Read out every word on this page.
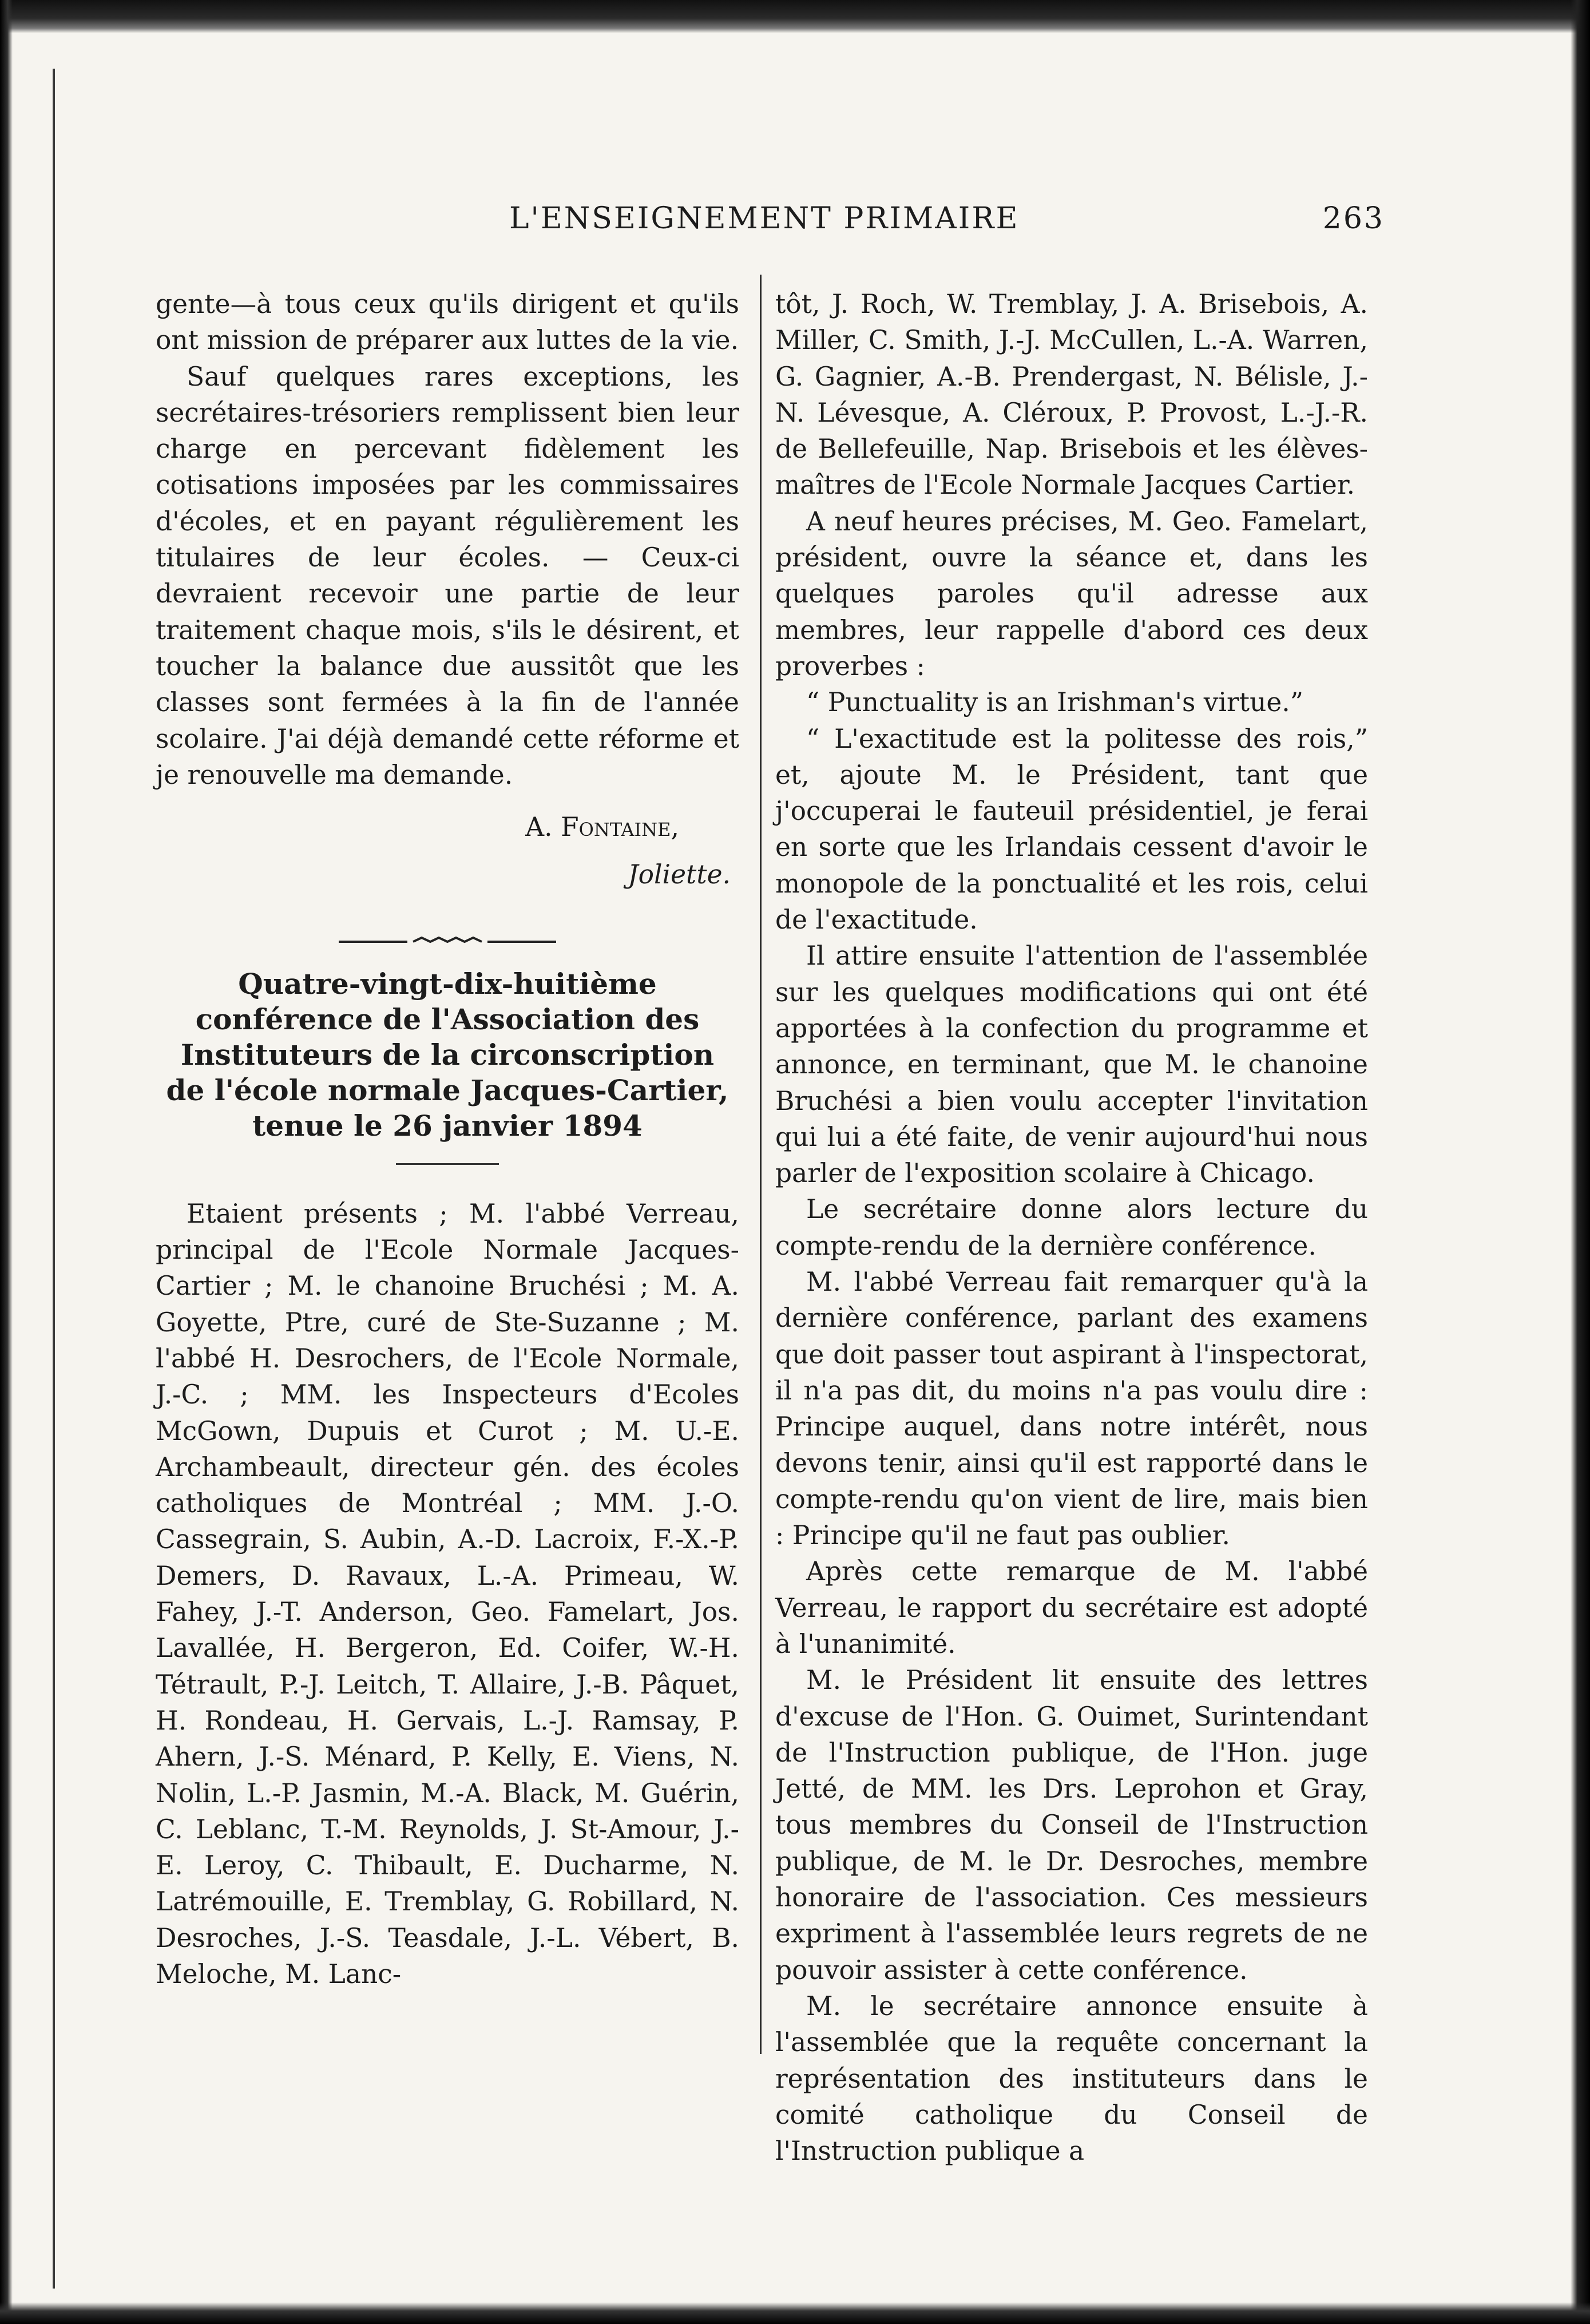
L'ENSEIGNEMENT PRIMAIRE	263

gente—à tous ceux qu'ils dirigent et qu'ils ont mission de préparer aux luttes de la vie.

Sauf quelques rares exceptions, les secrétaires-trésoriers remplissent bien leur charge en percevant fidèlement les cotisations imposées par les commissaires d'écoles, et en payant régulièrement les titulaires de leur écoles. — Ceux-ci devraient recevoir une partie de leur traitement chaque mois, s'ils le désirent, et toucher la balance due aussitôt que les classes sont fermées à la fin de l'année scolaire. J'ai déjà demandé cette réforme et je renouvelle ma demande.

A. Fontaine,

Joliette.

Quatre-vingt-dix-huitième conférence de l'Association des Instituteurs de la circonscription de l'école normale Jacques-Cartier, tenue le 26 janvier 1894

Etaient présents ; M. l'abbé Verreau, principal de l'Ecole Normale Jacques-Cartier ; M. le chanoine Bruchési ; M. A. Goyette, Ptre, curé de Ste-Suzanne ; M. l'abbé H. Desrochers, de l'Ecole Normale, J.-C. ; MM. les Inspecteurs d'Ecoles McGown, Dupuis et Curot ; M. U.-E. Archambeault, directeur gén. des écoles catholiques de Montréal ; MM. J.-O. Cassegrain, S. Aubin, A.-D. Lacroix, F.-X.-P. Demers, D. Ravaux, L.-A. Primeau, W. Fahey, J.-T. Anderson, Geo. Famelart, Jos. Lavallée, H. Bergeron, Ed. Coifer, W.-H. Tétrault, P.-J. Leitch, T. Allaire, J.-B. Pâquet, H. Rondeau, H. Gervais, L.-J. Ramsay, P. Ahern, J.-S. Ménard, P. Kelly, E. Viens, N. Nolin, L.-P. Jasmin, M.-A. Black, M. Guérin, C. Leblanc, T.-M. Reynolds, J. St-Amour, J.-E. Leroy, C. Thibault, E. Ducharme, N. Latrémouille, E. Tremblay, G. Robillard, N. Desroches, J.-S. Teasdale, J.-L. Vébert, B. Meloche, M. Lanc-

tôt, J. Roch, W. Tremblay, J. A. Brisebois, A. Miller, C. Smith, J.-J. McCullen, L.-A. Warren, G. Gagnier, A.-B. Prendergast, N. Bélisle, J.-N. Lévesque, A. Cléroux, P. Provost, L.-J.-R. de Bellefeuille, Nap. Brisebois et les élèves-maîtres de l'Ecole Normale Jacques Cartier.

A neuf heures précises, M. Geo. Famelart, président, ouvre la séance et, dans les quelques paroles qu'il adresse aux membres, leur rappelle d'abord ces deux proverbes :

“ Punctuality is an Irishman's virtue.”

“ L'exactitude est la politesse des rois,” et, ajoute M. le Président, tant que j'occuperai le fauteuil présidentiel, je ferai en sorte que les Irlandais cessent d'avoir le monopole de la ponctualité et les rois, celui de l'exactitude.

Il attire ensuite l'attention de l'assemblée sur les quelques modifications qui ont été apportées à la confection du programme et annonce, en terminant, que M. le chanoine Bruchési a bien voulu accepter l'invitation qui lui a été faite, de venir aujourd'hui nous parler de l'exposition scolaire à Chicago.

Le secrétaire donne alors lecture du compte-rendu de la dernière conférence.

M. l'abbé Verreau fait remarquer qu'à la dernière conférence, parlant des examens que doit passer tout aspirant à l'inspectorat, il n'a pas dit, du moins n'a pas voulu dire : Principe auquel, dans notre intérêt, nous devons tenir, ainsi qu'il est rapporté dans le compte-rendu qu'on vient de lire, mais bien : Principe qu'il ne faut pas oublier.

Après cette remarque de M. l'abbé Verreau, le rapport du secrétaire est adopté à l'unanimité.

M. le Président lit ensuite des lettres d'excuse de l'Hon. G. Ouimet, Surintendant de l'Instruction publique, de l'Hon. juge Jetté, de MM. les Drs. Leprohon et Gray, tous membres du Conseil de l'Instruction publique, de M. le Dr. Desroches, membre honoraire de l'association. Ces messieurs expriment à l'assemblée leurs regrets de ne pouvoir assister à cette conférence.

M. le secrétaire annonce ensuite à l'assemblée que la requête concernant la représentation des instituteurs dans le comité catholique du Conseil de l'Instruction publique a
